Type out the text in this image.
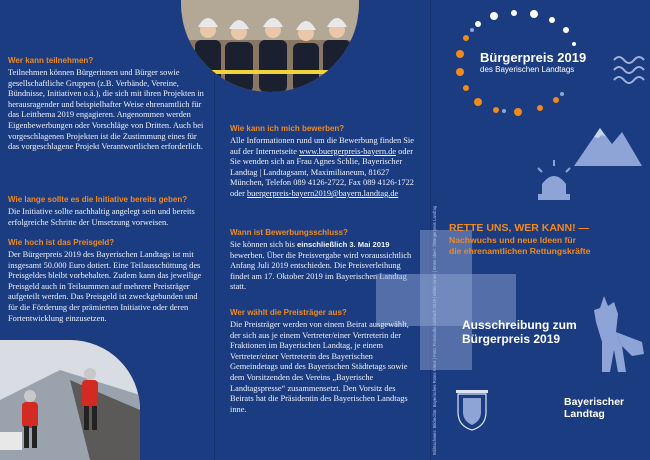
Wer kann teilnehmen?
Teilnehmen können Bürgerinnen und Bürger sowie gesellschaftliche Gruppen (z.B. Verbände, Vereine, Bündnisse, Initiativen o.ä.), die sich mit ihren Projekten in herausragender und beispielhafter Weise ehrenamtlich für das Leitthema 2019 engagieren. Angenommen werden Eigenbewerbungen oder Vorschläge von Dritten. Auch bei vorgeschlagenen Projekten ist die Zustimmung eines für das vorgeschlagene Projekt Verantwortlichen erforderlich.
Wie lange sollte es die Initiative bereits geben?
Die Initiative sollte nachhaltig angelegt sein und bereits erfolgreiche Schritte der Umsetzung vorweisen.
Wie hoch ist das Preisgeld?
Der Bürgerpreis 2019 des Bayerischen Landtags ist mit insgesamt 50.000 Euro dotiert. Eine Teilausschüttung des Preisgeldes bleibt vorbehalten. Zudem kann das jeweilige Preisgeld auch in Teilsummen auf mehrere Preisträger aufgeteilt werden. Das Preisgeld ist zweckgebunden und für die Förderung der prämierten Initiative oder deren Fortentwicklung einzusetzen.
Wie kann ich mich bewerben?
Alle Informationen rund um die Bewerbung finden Sie auf der Internetseite www.buergerpreis-bayern.de oder Sie wenden sich an Frau Agnes Schlie, Bayerischer Landtag | Landtagsamt, Maximilianeum, 81627 München, Telefon 089 4126-2722, Fax 089 4126-1722 oder buergerpreis-bayern2019@bayern.landtag.de
Wann ist Bewerbungsschluss?
Sie können sich bis einschließlich 3. Mai 2019 bewerben. Über die Preisvergabe wird voraussichtlich Anfang Juli 2019 entschieden. Die Preisverleihung findet am 17. Oktober 2019 im Bayerischen Landtag statt.
Wer wählt die Preisträger aus?
Die Preisträger werden von einem Beirat ausgewählt, der sich aus je einem Vertreter/einer Vertreterin der Fraktionen im Bayerischen Landtag, je einem Vertreter/einer Vertreterin des Bayerischen Gemeindetags und des Bayerischen Städtetags sowie dem Vorsitzenden des Vereins „Bayerische Landtagspresse“ zusammensetzt. Den Vorsitz des Beirats hat die Präsidentin des Bayerischen Landtags inne.
Bürgerpreis 2019
des Bayerischen Landtags
RETTE UNS, WER KANN! —
Nachwuchs und neue Ideen für
die ehrenamtlichen Rettungskräfte
Ausschreibung zum
Bürgerpreis 2019
Bildnachweis: Bildrechte: Bayerisches Rotes Kreuz | Foto: Fotostudio Limbach 2019 | Bilder innen | Innen oben: ©Bürgerpreis Landtag	Bayerischer
Landtag
